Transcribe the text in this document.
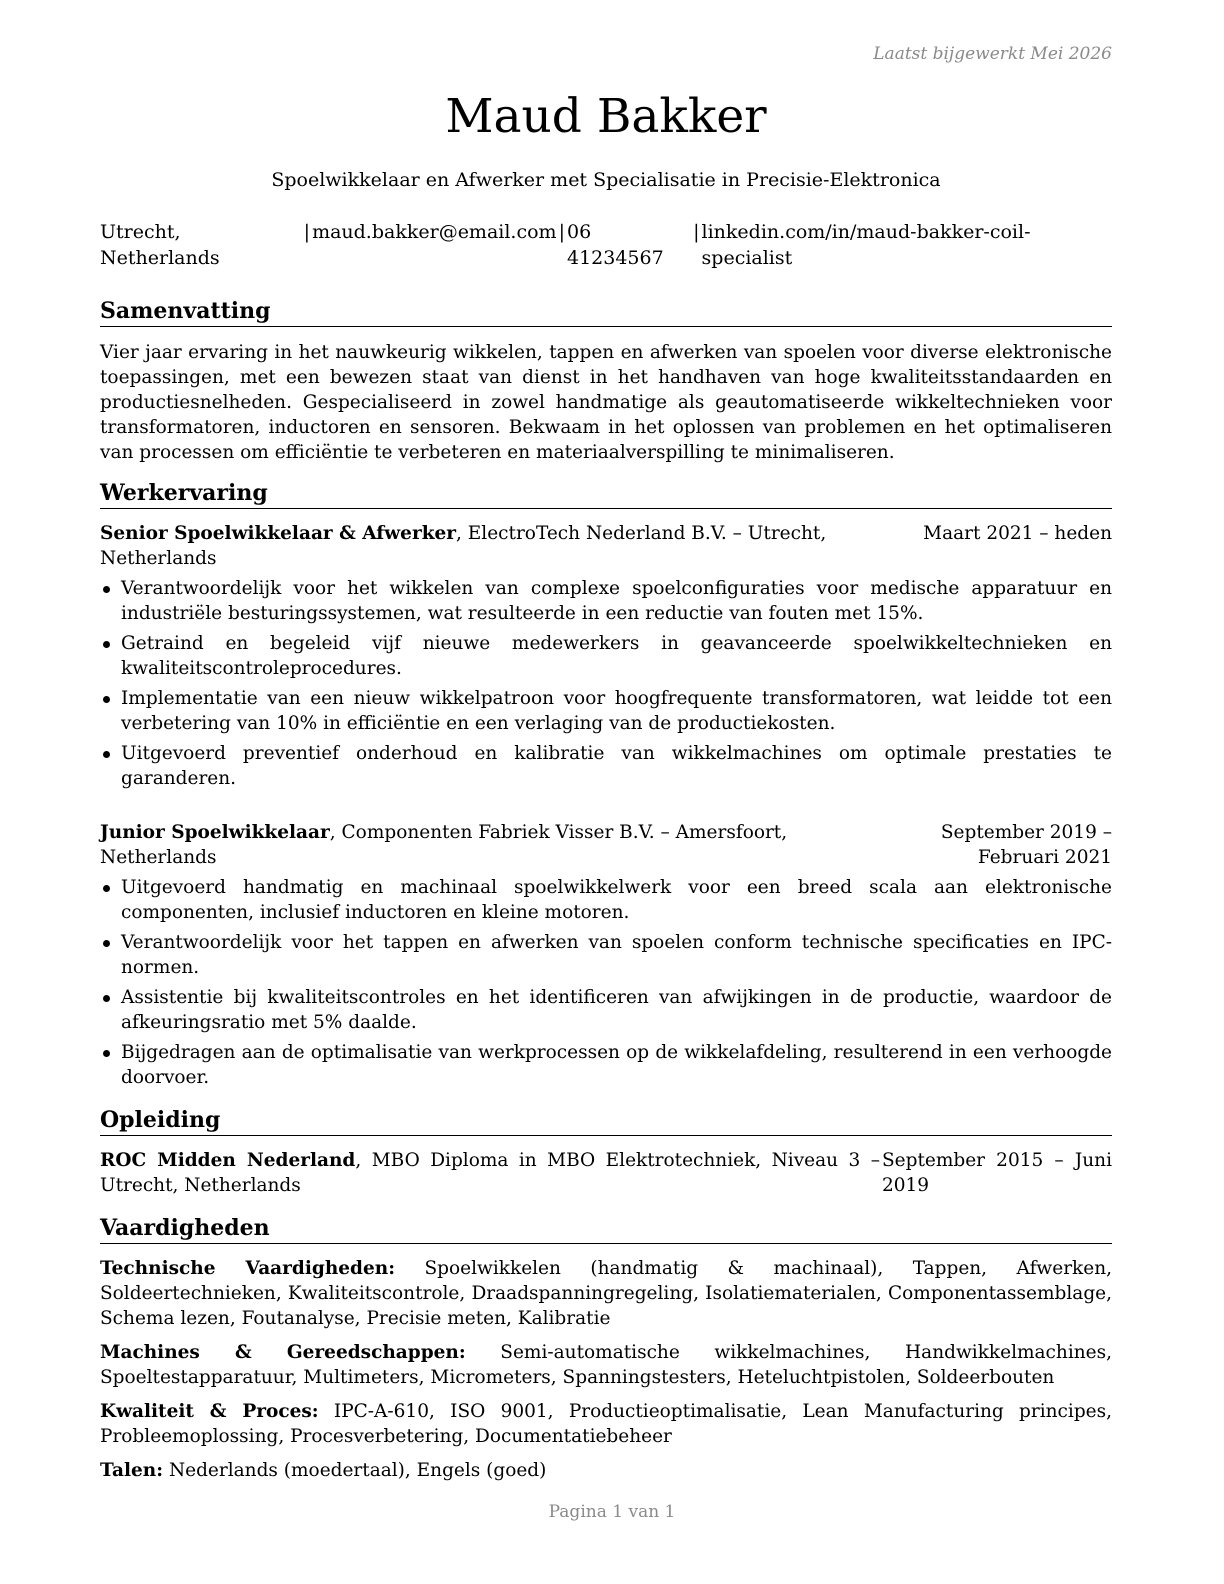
Laatst bijgewerkt Mei 2026
Maud Bakker
Spoelwikkelaar en Afwerker met Specialisatie in Precisie-Elektronica
Utrecht, Netherlands
| maud.bakker@email.com | 06 41234567
| linkedin.com/in/maud-bakker-coil-specialist
Samenvatting

Vier jaar ervaring in het nauwkeurig wikkelen, tappen en afwerken van spoelen voor diverse elektronische toepassingen, met een bewezen staat van dienst in het handhaven van hoge kwaliteitsstandaarden en productiesnelheden. Gespecialiseerd in zowel handmatige als geautomatiseerde wikkeltechnieken voor transformatoren, inductoren en sensoren. Bekwaam in het oplossen van problemen en het optimaliseren van processen om efficiëntie te verbeteren en materiaalverspilling te minimaliseren.

Werkervaring
Senior Spoelwikkelaar & Afwerker, ElectroTech Nederland B.V. – Utrecht, Netherlands
Maart 2021 – heden
Verantwoordelijk voor het wikkelen van complexe spoelconfiguraties voor medische apparatuur en industriële besturingssystemen, wat resulteerde in een reductie van fouten met 15%.
Getraind en begeleid vijf nieuwe medewerkers in geavanceerde spoelwikkeltechnieken en kwaliteitscontroleprocedures.
Implementatie van een nieuw wikkelpatroon voor hoogfrequente transformatoren, wat leidde tot een verbetering van 10% in efficiëntie en een verlaging van de productiekosten.
Uitgevoerd preventief onderhoud en kalibratie van wikkelmachines om optimale prestaties te garanderen.
Junior Spoelwikkelaar, Componenten Fabriek Visser B.V. – Amersfoort, Netherlands
September 2019 – Februari 2021
Uitgevoerd handmatig en machinaal spoelwikkelwerk voor een breed scala aan elektronische componenten, inclusief inductoren en kleine motoren.
Verantwoordelijk voor het tappen en afwerken van spoelen conform technische specificaties en IPC-normen.
Assistentie bij kwaliteitscontroles en het identificeren van afwijkingen in de productie, waardoor de afkeuringsratio met 5% daalde.
Bijgedragen aan de optimalisatie van werkprocessen op de wikkelafdeling, resulterend in een verhoogde doorvoer.
Opleiding
ROC Midden Nederland, MBO Diploma in MBO Elektrotechniek, Niveau 3 – Utrecht, Netherlands
September 2015 – Juni 2019
Vaardigheden

Technische Vaardigheden: Spoelwikkelen (handmatig & machinaal), Tappen, Afwerken, Soldeertechnieken, Kwaliteitscontrole, Draadspanningregeling, Isolatiematerialen, Componentassemblage, Schema lezen, Foutanalyse, Precisie meten, Kalibratie

Machines & Gereedschappen: Semi-automatische wikkelmachines, Handwikkelmachines, Spoeltestapparatuur, Multimeters, Micrometers, Spanningstesters, Heteluchtpistolen, Soldeerbouten

Kwaliteit & Proces: IPC-A-610, ISO 9001, Productieoptimalisatie, Lean Manufacturing principes, Probleemoplossing, Procesverbetering, Documentatiebeheer

Talen: Nederlands (moedertaal), Engels (goed)

Pagina 1 van 1
